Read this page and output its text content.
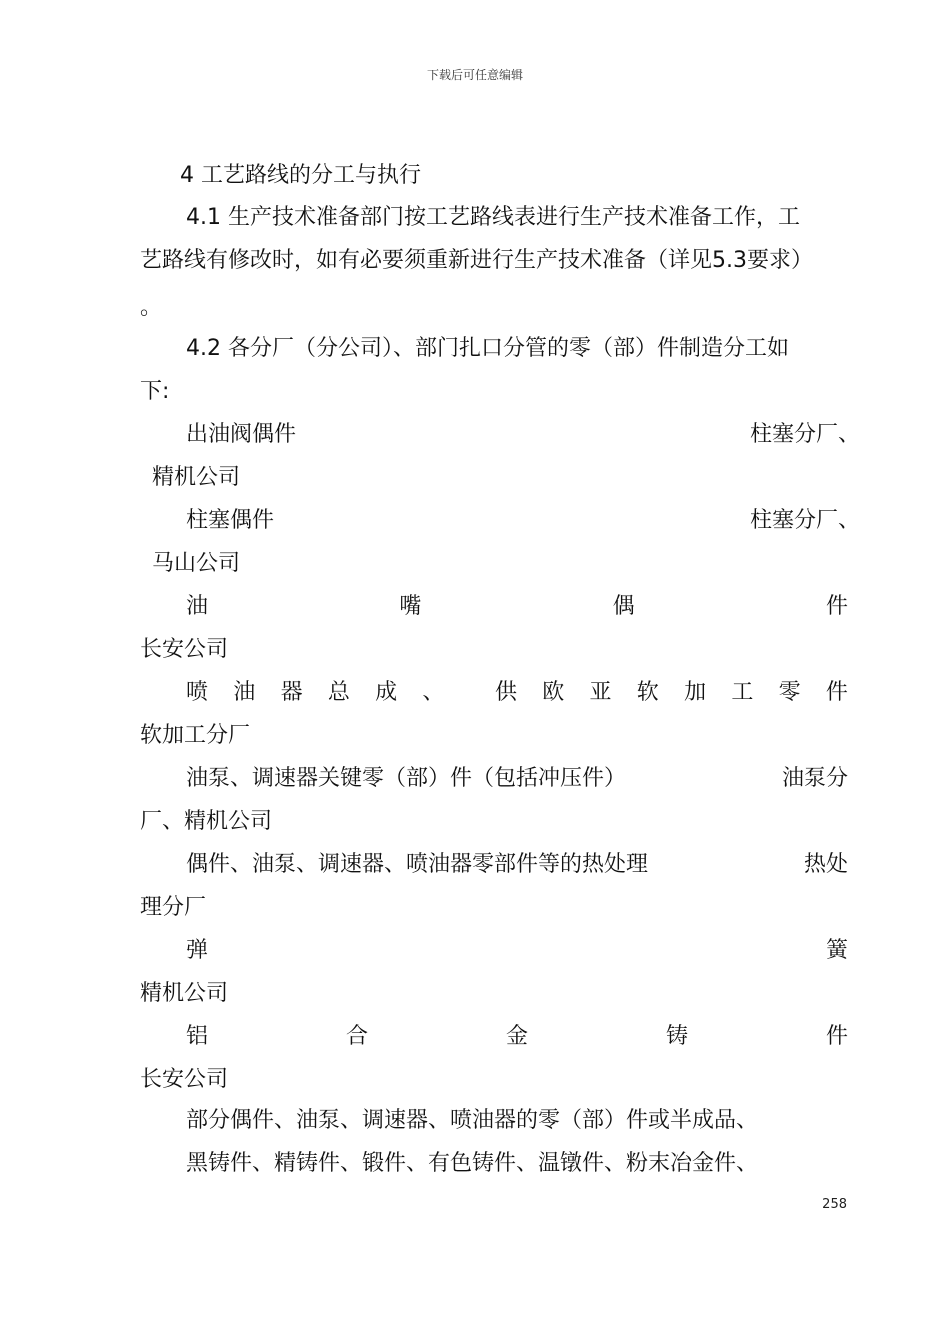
下载后可任意编辑
4 工艺路线的分工与执行
4.1 生产技术准备部门按工艺路线表进行生产技术准备工作，工
艺路线有修改时，如有必要须重新进行生产技术准备（详见5.3要求）
。
4.2 各分厂（分公司）、部门扎口分管的零（部）件制造分工如
下:
出油阀偶件	柱塞分厂、
精机公司
柱塞偶件	柱塞分厂、
马山公司
油	嘴	偶	件
长安公司
喷 油 器 总 成 、 供 欧 亚 软 加 工 零 件
软加工分厂
油泵、调速器关键零（部）件（包括冲压件）	油泵分
厂、精机公司
偶件、油泵、调速器、喷油器零部件等的热处理	热处
理分厂
弹	簧
精机公司
铝	合	金	铸	件
长安公司
部分偶件、油泵、调速器、喷油器的零（部）件或半成品、
黑铸件、精铸件、锻件、有色铸件、温镦件、粉末冶金件、
258
